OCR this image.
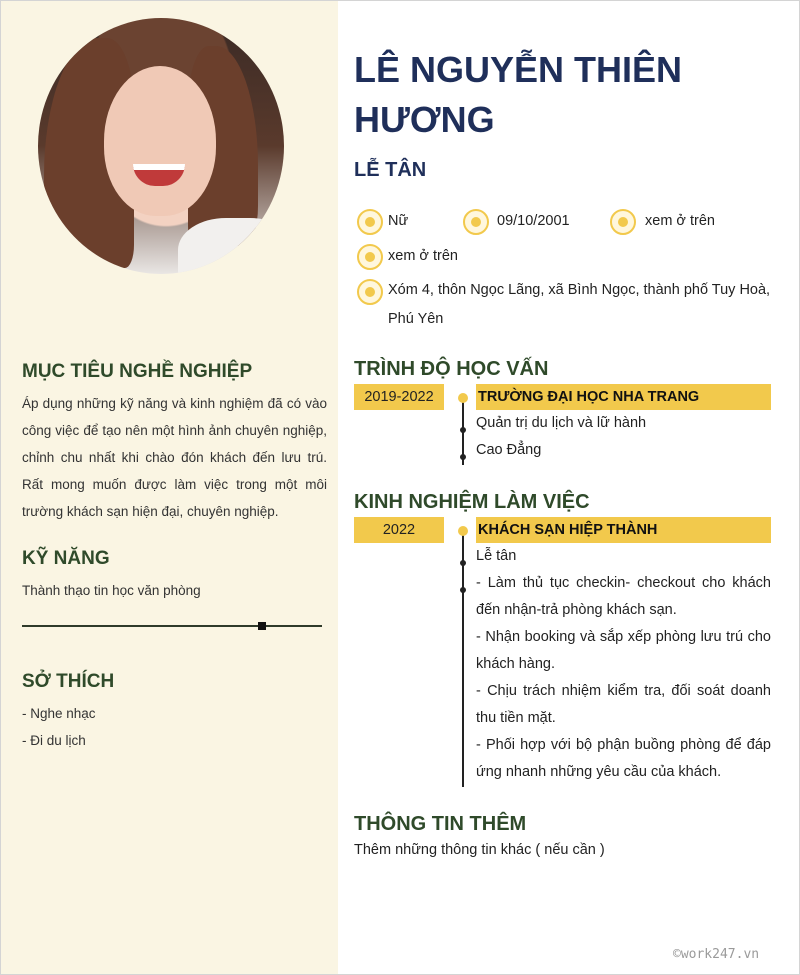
MỤC TIÊU NGHỀ NGHIỆP

Áp dụng những kỹ năng và kinh nghiệm đã có vào công việc để tạo nên một hình ảnh chuyên nghiệp, chỉnh chu nhất khi chào đón khách đến lưu trú. Rất mong muốn được làm việc trong một môi trường khách sạn hiện đại, chuyên nghiệp.

KỸ NĂNG

Thành thạo tin học văn phòng

SỞ THÍCH

- Nghe nhạc

- Đi du lịch

LÊ NGUYỄN THIÊN HƯƠNG
LỄ TÂN
Nữ	09/10/2001	xem ở trên
xem ở trên
Xóm 4, thôn Ngọc Lãng, xã Bình Ngọc, thành phố Tuy Hoà, Phú Yên
TRÌNH ĐỘ HỌC VẤN
2019-2022	TRƯỜNG ĐẠI HỌC NHA TRANG
Quản trị du lịch và lữ hành
Cao Đẳng
KINH NGHIỆM LÀM VIỆC
2022	KHÁCH SẠN HIỆP THÀNH
Lễ tân

- Làm thủ tục checkin- checkout cho khách đến nhận-trả phòng khách sạn.

- Nhận booking và sắp xếp phòng lưu trú cho khách hàng.

- Chịu trách nhiệm kiểm tra, đối soát doanh thu tiền mặt.

- Phối hợp với bộ phận buồng phòng để đáp ứng nhanh những yêu cầu của khách.

THÔNG TIN THÊM
Thêm những thông tin khác ( nếu cần )
©work247.vn
